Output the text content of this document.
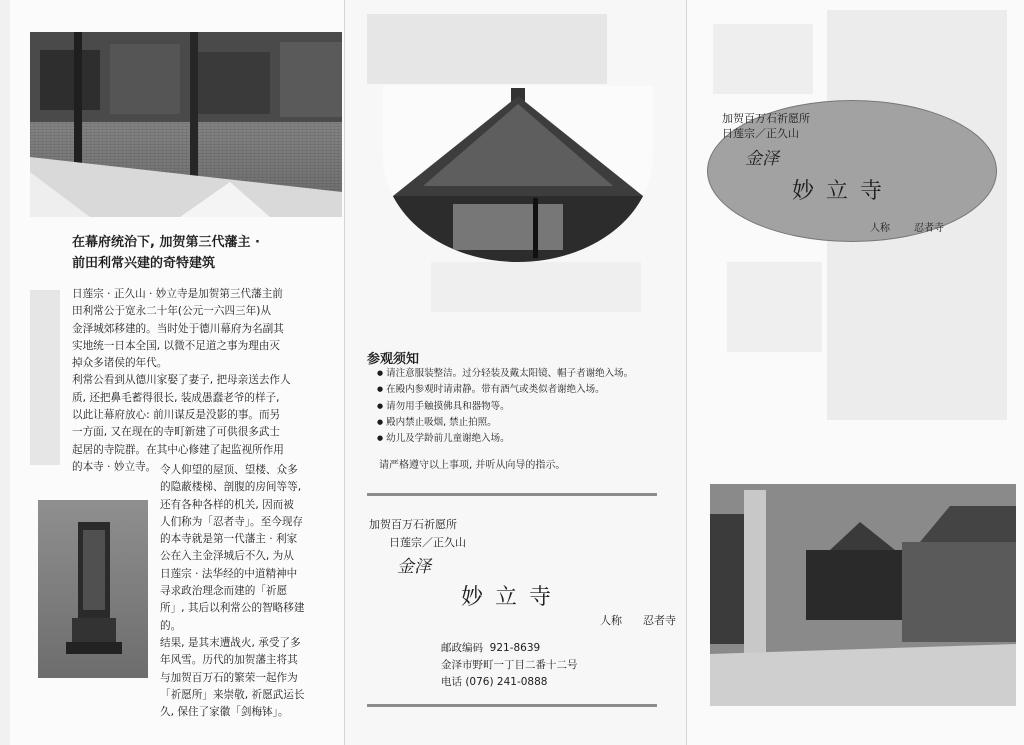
在幕府统治下, 加贺第三代藩主 ·
前田利常兴建的奇特建筑
日莲宗 · 正久山 · 妙立寺是加贺第三代藩主前
田利常公于宽永二十年(公元一六四三年)从
金泽城郊移建的。当时处于德川幕府为名副其
实地统一日本全国, 以微不足道之事为理由灭
掉众多诸侯的年代。
利常公看到从德川家娶了妻子, 把母亲送去作人
质, 还把鼻毛蓄得很长, 装成愚蠢老爷的样子,
以此让幕府放心: 前川谋反是没影的事。而另
一方面, 又在现在的寺町新建了可供很多武士
起居的寺院群。在其中心修建了起监视所作用
的本寺 · 妙立寺。 令人仰望的屋顶、望楼、众多
的隐蔽楼梯、剖腹的房间等等,
还有各种各样的机关, 因而被
人们称为「忍者寺」。至今现存
的本寺就是第一代藩主 · 利家
公在入主金泽城后不久, 为从
日莲宗 · 法华经的中道精神中
寻求政治理念而建的「祈愿
所」, 其后以利常公的智略移建
的。
结果, 是其末遭战火, 承受了多
年风雪。历代的加贺藩主将其
与加贺百万石的繁荣一起作为
「祈愿所」来崇敬, 祈愿武运长
久, 保住了家徽「剑梅钵」。
参观须知
● 请注意服装整洁。过分轻装及戴太阳镜、帽子者谢绝入场。
● 在殿内参观时请肃静。带有酒气或类似者谢绝入场。
● 请勿用手触摸佛具和器物等。
● 殿内禁止吸烟, 禁止拍照。
● 幼儿及学龄前儿童谢绝入场。
请严格遵守以上事项, 并听从向导的指示。
加贺百万石祈愿所
日莲宗／正久山
金泽
妙立寺
人称 忍者寺
邮政编码  921-8639
金泽市野町一丁目二番十二号
电话 (076) 241-0888
加贺百万石祈愿所
日莲宗／正久山
金泽
妙立寺
人称 忍者寺
